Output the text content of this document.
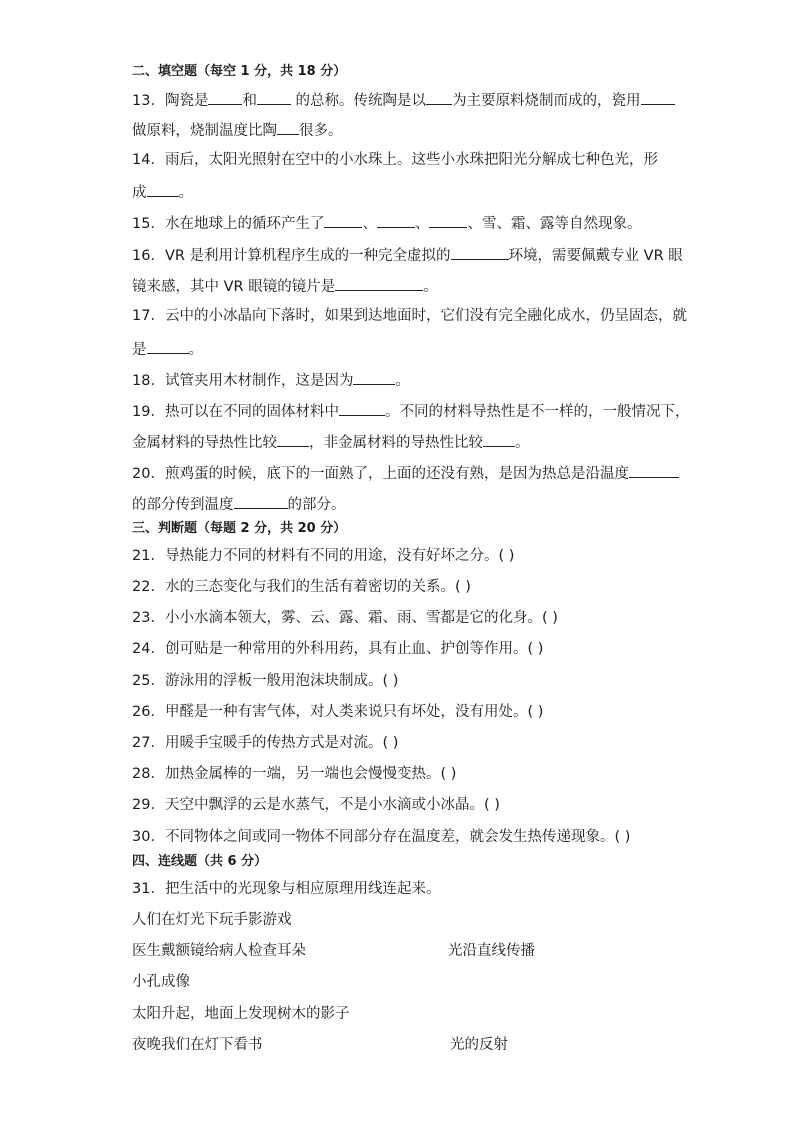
二、填空题（每空 1 分，共 18 分）
13．陶瓷是 和 的总称。传统陶是以 为主要原料烧制而成的，瓷用
做原料，烧制温度比陶 很多。
14．雨后，太阳光照射在空中的小水珠上。这些小水珠把阳光分解成七种色光，形
成 。
15．水在地球上的循环产生了	、	、	、雪、霜、露等自然现象。
16．VR 是利用计算机程序生成的一种完全虚拟的	环境，需要佩戴专业 VR 眼
镜来感，其中 VR 眼镜的镜片是	。
17．云中的小冰晶向下落时，如果到达地面时，它们没有完全融化成水，仍呈固态，就
是	。
18．试管夹用木材制作，这是因为	。
19．热可以在不同的固体材料中	。不同的材料导热性是不一样的，一般情况下，
金属材料的导热性比较 ，非金属材料的导热性比较 。
20．煎鸡蛋的时候，底下的一面熟了，上面的还没有熟，是因为热总是沿温度
的部分传到温度	的部分。
三、判断题（每题 2 分，共 20 分）
21．导热能力不同的材料有不同的用途，没有好坏之分。( )
22．水的三态变化与我们的生活有着密切的关系。( )
23．小小水滴本领大，雾、云、露、霜、雨、雪都是它的化身。( )
24．创可贴是一种常用的外科用药，具有止血、护创等作用。( )
25．游泳用的浮板一般用泡沫块制成。( )
26．甲醛是一种有害气体，对人类来说只有坏处，没有用处。( )
27．用暖手宝暖手的传热方式是对流。( )
28．加热金属棒的一端，另一端也会慢慢变热。( )
29．天空中飘浮的云是水蒸气，不是小水滴或小冰晶。( )
30．不同物体之间或同一物体不同部分存在温度差，就会发生热传递现象。( )
四、连线题（共 6 分）
31．把生活中的光现象与相应原理用线连起来。
人们在灯光下玩手影游戏
医生戴额镜给病人检查耳朵	光沿直线传播
小孔成像
太阳升起，地面上发现树木的影子
夜晚我们在灯下看书	光的反射
